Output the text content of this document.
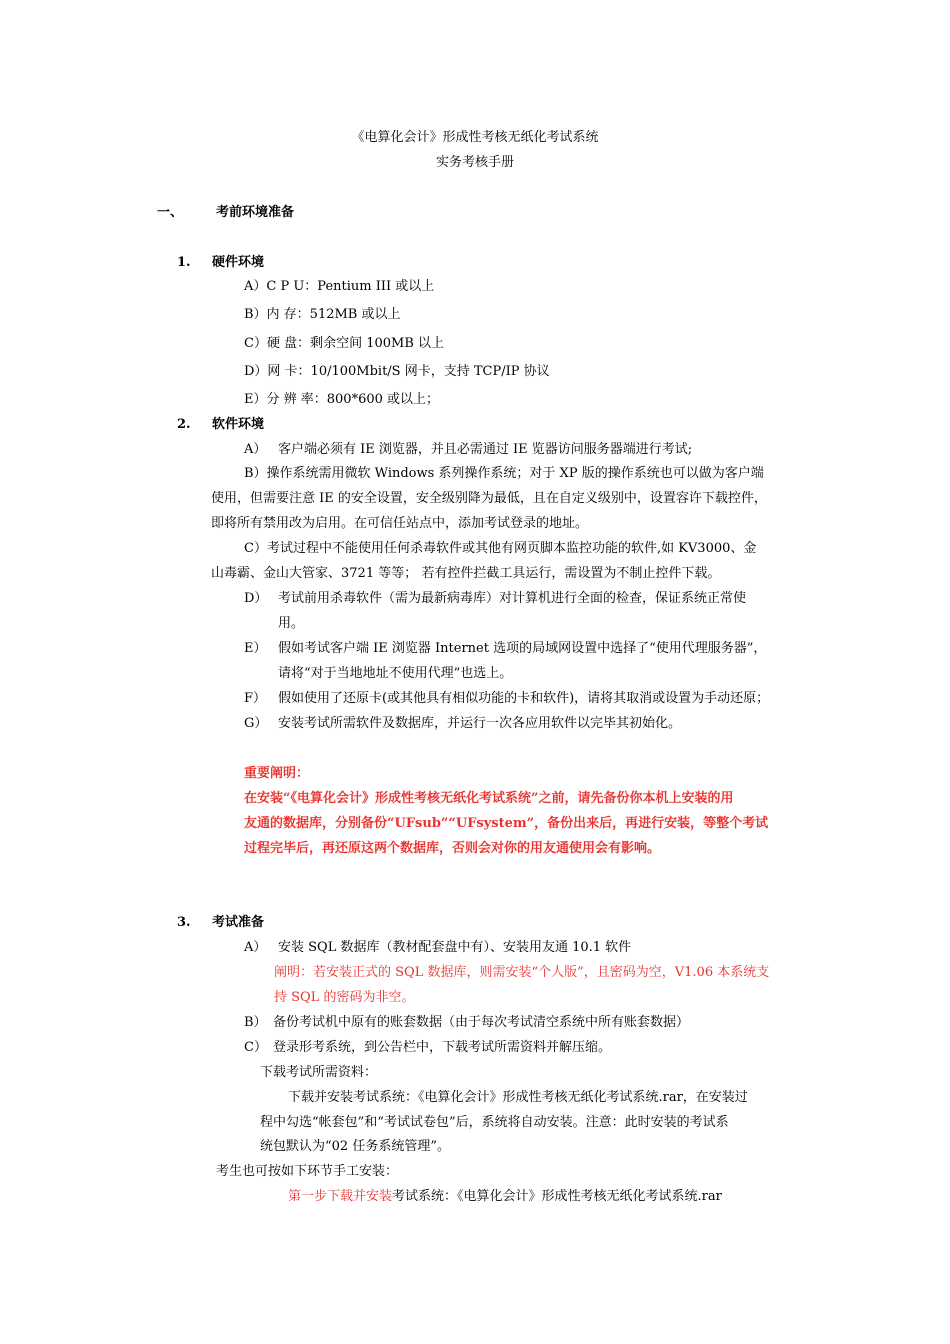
《电算化会计》形成性考核无纸化考试系统
实务考核手册
一、	考前环境准备
1. 硬件环境
A）C P U：Pentium III 或以上
B）内 存：512MB 或以上
C）硬 盘：剩余空间 100MB 以上
D）网 卡：10/100Mbit/S 网卡，支持 TCP/IP 协议
E）分 辨 率：800*600 或以上；
2. 软件环境
A） 客户端必须有 IE 浏览器，并且必需通过 IE 览器访问服务器端进行考试;
B）操作系统需用微软 Windows 系列操作系统；对于 XP 版的操作系统也可以做为客户端
使用，但需要注意 IE 的安全设置，安全级别降为最低，且在自定义级别中，设置容许下载控件，
即将所有禁用改为启用。在可信任站点中，添加考试登录的地址。
C）考试过程中不能使用任何杀毒软件或其他有网页脚本监控功能的软件,如 KV3000、金
山毒霸、金山大管家、3721 等等； 若有控件拦截工具运行，需设置为不制止控件下载。
D） 考试前用杀毒软件（需为最新病毒库）对计算机进行全面的检查，保证系统正常使
用。
E） 假如考试客户端 IE 浏览器 Internet 选项的局域网设置中选择了“使用代理服务器”，
请将“对于当地地址不使用代理”也选上。
F） 假如使用了还原卡(或其他具有相似功能的卡和软件)，请将其取消或设置为手动还原；
G） 安装考试所需软件及数据库，并运行一次各应用软件以完毕其初始化。
重要阐明：
在安装“《电算化会计》形成性考核无纸化考试系统”之前，请先备份你本机上安装的用
友通的数据库，分别备份“UFsub”“UFsystem”，备份出来后，再进行安装，等整个考试
过程完毕后，再还原这两个数据库，否则会对你的用友通使用会有影响。
3. 考试准备
A） 安装 SQL 数据库（教材配套盘中有）、安装用友通 10.1 软件
阐明：若安装正式的 SQL 数据库，则需安装“个人版”，且密码为空，V1.06 本系统支
持 SQL 的密码为非空。
B） 备份考试机中原有的账套数据（由于每次考试清空系统中所有账套数据）
C） 登录形考系统，到公告栏中，下载考试所需资料并解压缩。
下载考试所需资料：
下载并安装考试系统：《电算化会计》形成性考核无纸化考试系统.rar，在安装过
程中勾选“帐套包”和“考试试卷包”后，系统将自动安装。注意：此时安装的考试系
统包默认为“02 任务系统管理”。
考生也可按如下环节手工安装：
第一步下载并安装考试系统：《电算化会计》形成性考核无纸化考试系统.rar
